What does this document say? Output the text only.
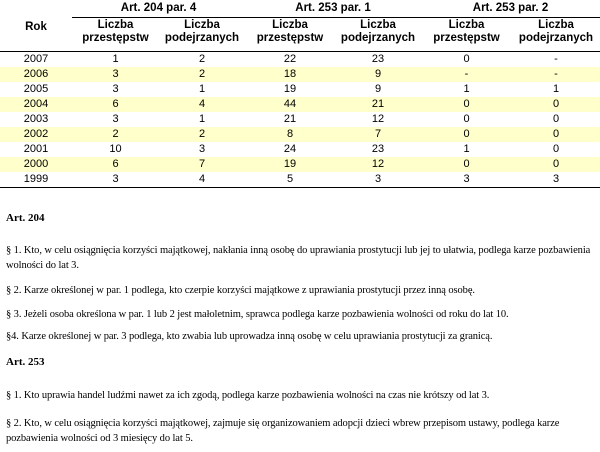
Rok	Art. 204 par. 4		Art. 253 par. 1		Art. 253 par. 2	
	Liczba przestępstw	Liczba podejrzanych	Liczba przestępstw	Liczba podejrzanych	Liczba przestępstw	Liczba podejrzanych
2007	1	2	22	23	0	-
2006	3	2	18	9	-	-
2005	3	1	19	9	1	1
2004	6	4	44	21	0	0
2003	3	1	21	12	0	0
2002	2	2	8	7	0	0
2001	10	3	24	23	1	0
2000	6	7	19	12	0	0
1999	3	4	5	3	3	3

Art. 204

§ 1. Kto, w celu osiągnięcia korzyści majątkowej, nakłania inną osobę do uprawiania prostytucji lub jej to ułatwia, podlega karze pozbawienia wolności do lat 3.

§ 2. Karze określonej w par. 1 podlega, kto czerpie korzyści majątkowe z uprawiania prostytucji przez inną osobę.

§ 3. Jeżeli osoba określona w par. 1 lub 2 jest małoletnim, sprawca podlega karze pozbawienia wolności od roku do lat 10.

§4. Karze określonej w par. 3 podlega, kto zwabia lub uprowadza inną osobę w celu uprawiania prostytucji za granicą.

Art. 253

§ 1. Kto uprawia handel ludźmi nawet za ich zgodą, podlega karze pozbawienia wolności na czas nie krótszy od lat 3.

§ 2. Kto, w celu osiągnięcia korzyści majątkowej, zajmuje się organizowaniem adopcji dzieci wbrew przepisom ustawy, podlega karze pozbawienia wolności od 3 miesięcy do lat 5.
